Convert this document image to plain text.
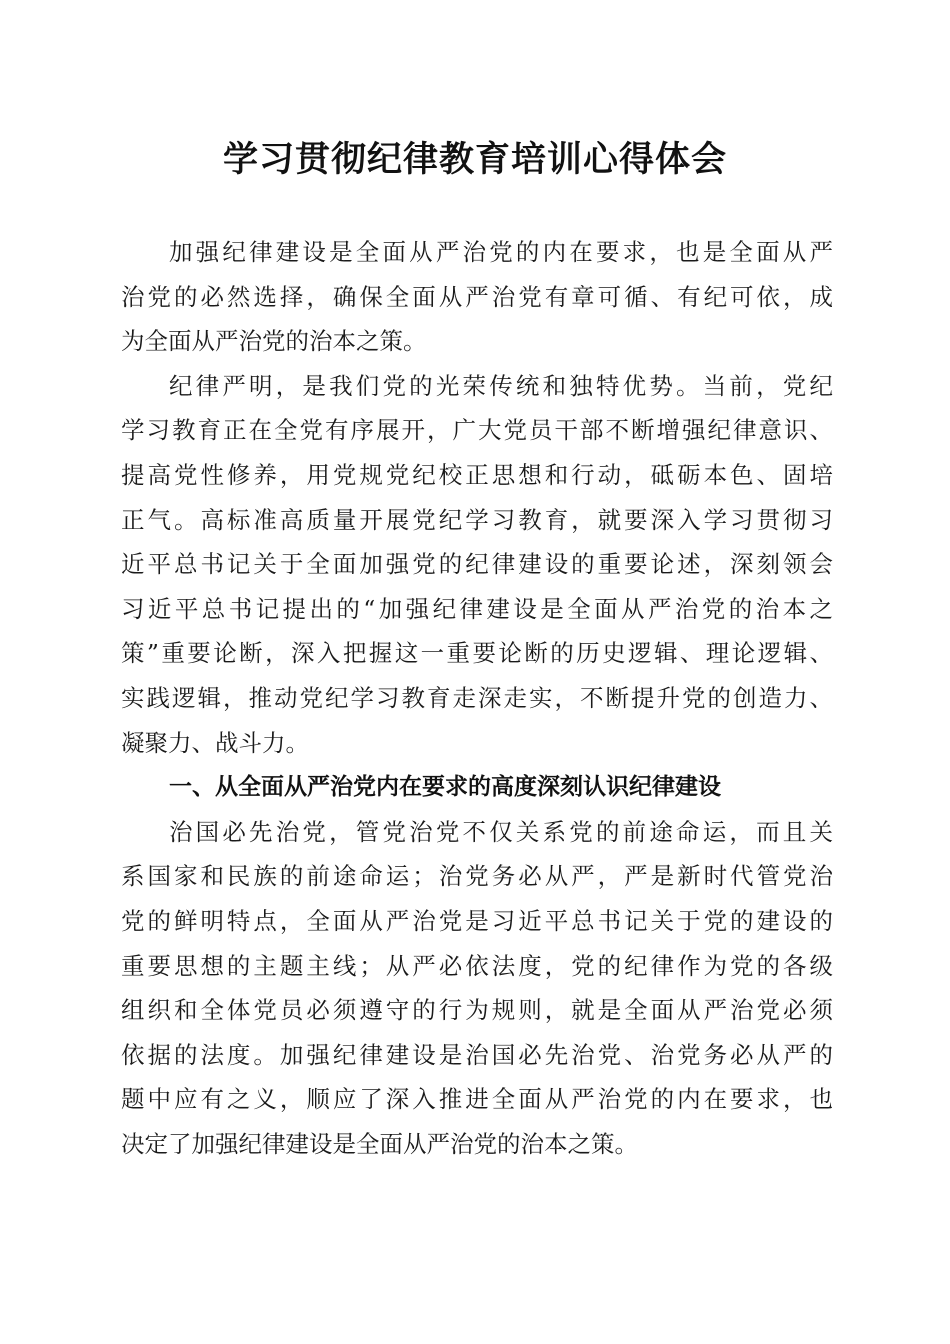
学习贯彻纪律教育培训心得体会
加强纪律建设是全面从严治党的内在要求，也是全面从严
治党的必然选择，确保全面从严治党有章可循、有纪可依，成
为全面从严治党的治本之策。
纪律严明，是我们党的光荣传统和独特优势。当前，党纪
学习教育正在全党有序展开，广大党员干部不断增强纪律意识、
提高党性修养，用党规党纪校正思想和行动，砥砺本色、固培
正气。高标准高质量开展党纪学习教育，就要深入学习贯彻习
近平总书记关于全面加强党的纪律建设的重要论述，深刻领会
习近平总书记提出的“加强纪律建设是全面从严治党的治本之
策”重要论断，深入把握这一重要论断的历史逻辑、理论逻辑、
实践逻辑，推动党纪学习教育走深走实，不断提升党的创造力、
凝聚力、战斗力。
一、从全面从严治党内在要求的高度深刻认识纪律建设
治国必先治党，管党治党不仅关系党的前途命运，而且关
系国家和民族的前途命运；治党务必从严，严是新时代管党治
党的鲜明特点，全面从严治党是习近平总书记关于党的建设的
重要思想的主题主线；从严必依法度，党的纪律作为党的各级
组织和全体党员必须遵守的行为规则，就是全面从严治党必须
依据的法度。加强纪律建设是治国必先治党、治党务必从严的
题中应有之义，顺应了深入推进全面从严治党的内在要求，也
决定了加强纪律建设是全面从严治党的治本之策。
